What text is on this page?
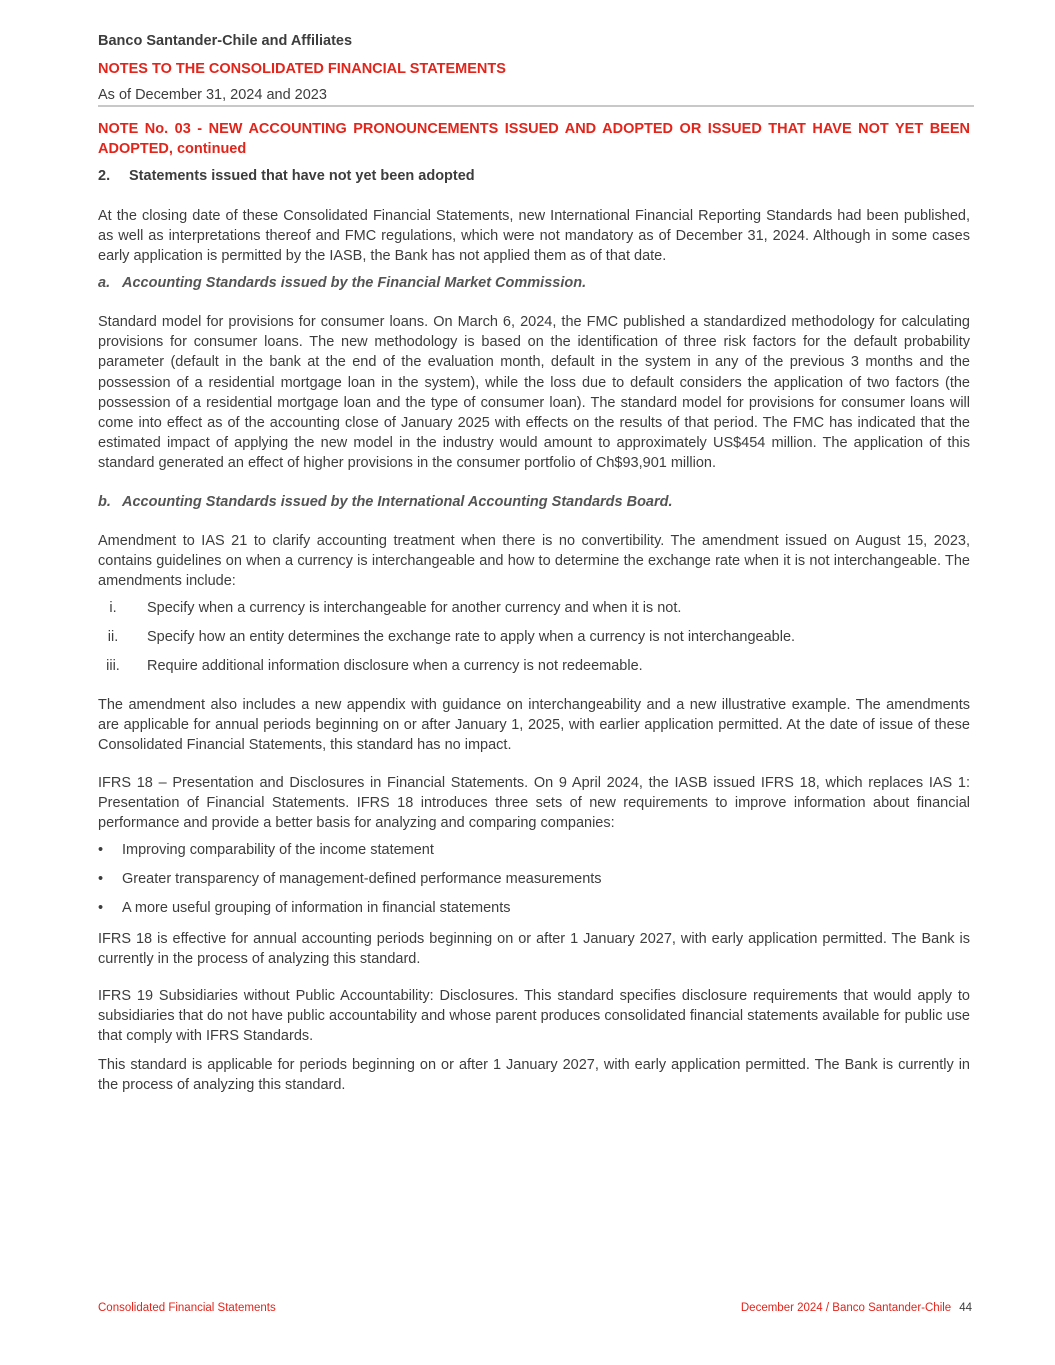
Banco Santander-Chile and Affiliates
NOTES TO THE CONSOLIDATED FINANCIAL STATEMENTS
As of December 31, 2024 and 2023
NOTE No. 03 - NEW ACCOUNTING PRONOUNCEMENTS ISSUED AND ADOPTED OR ISSUED THAT HAVE NOT YET BEEN ADOPTED, continued
2. Statements issued that have not yet been adopted
At the closing date of these Consolidated Financial Statements, new International Financial Reporting Standards had been published, as well as interpretations thereof and FMC regulations, which were not mandatory as of December 31, 2024. Although in some cases early application is permitted by the IASB, the Bank has not applied them as of that date.
a. Accounting Standards issued by the Financial Market Commission.
Standard model for provisions for consumer loans. On March 6, 2024, the FMC published a standardized methodology for calculating provisions for consumer loans. The new methodology is based on the identification of three risk factors for the default probability parameter (default in the bank at the end of the evaluation month, default in the system in any of the previous 3 months and the possession of a residential mortgage loan in the system), while the loss due to default considers the application of two factors (the possession of a residential mortgage loan and the type of consumer loan). The standard model for provisions for consumer loans will come into effect as of the accounting close of January 2025 with effects on the results of that period. The FMC has indicated that the estimated impact of applying the new model in the industry would amount to approximately US$454 million. The application of this standard generated an effect of higher provisions in the consumer portfolio of Ch$93,901 million.
b. Accounting Standards issued by the International Accounting Standards Board.
Amendment to IAS 21 to clarify accounting treatment when there is no convertibility. The amendment issued on August 15, 2023, contains guidelines on when a currency is interchangeable and how to determine the exchange rate when it is not interchangeable. The amendments include:
i. Specify when a currency is interchangeable for another currency and when it is not.
ii. Specify how an entity determines the exchange rate to apply when a currency is not interchangeable.
iii. Require additional information disclosure when a currency is not redeemable.
The amendment also includes a new appendix with guidance on interchangeability and a new illustrative example. The amendments are applicable for annual periods beginning on or after January 1, 2025, with earlier application permitted. At the date of issue of these Consolidated Financial Statements, this standard has no impact.
IFRS 18 – Presentation and Disclosures in Financial Statements. On 9 April 2024, the IASB issued IFRS 18, which replaces IAS 1: Presentation of Financial Statements. IFRS 18 introduces three sets of new requirements to improve information about financial performance and provide a better basis for analyzing and comparing companies:
• Improving comparability of the income statement
• Greater transparency of management-defined performance measurements
• A more useful grouping of information in financial statements
IFRS 18 is effective for annual accounting periods beginning on or after 1 January 2027, with early application permitted. The Bank is currently in the process of analyzing this standard.
IFRS 19 Subsidiaries without Public Accountability: Disclosures. This standard specifies disclosure requirements that would apply to subsidiaries that do not have public accountability and whose parent produces consolidated financial statements available for public use that comply with IFRS Standards.
This standard is applicable for periods beginning on or after 1 January 2027, with early application permitted. The Bank is currently in the process of analyzing this standard.
Consolidated Financial Statements	December 2024 / Banco Santander-Chile 44
